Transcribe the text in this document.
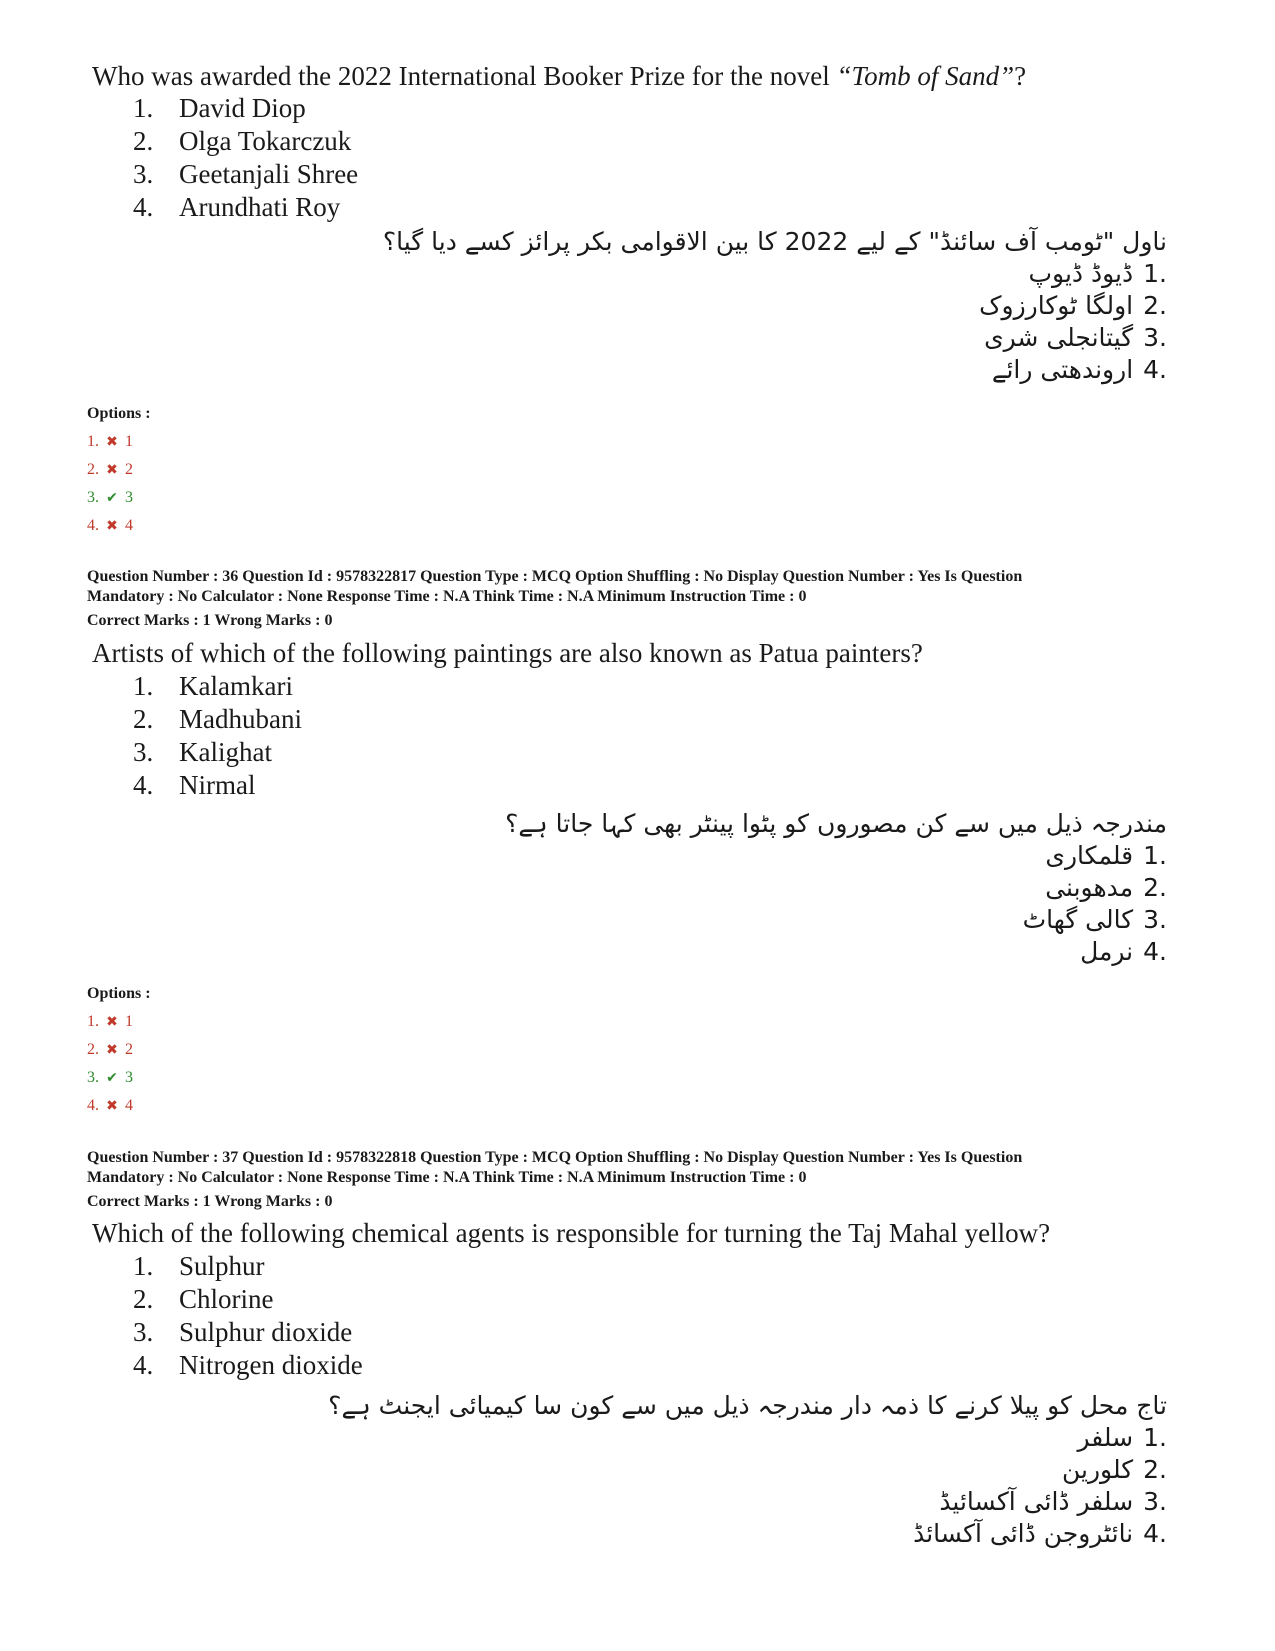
Who was awarded the 2022 International Booker Prize for the novel “Tomb of Sand”?
1. David Diop
2. Olga Tokarczuk
3. Geetanjali Shree
4. Arundhati Roy
ناول "ٹومب آف سائنڈ" کے لیے 2022 کا بین الاقوامی بکر پرائز کسے دیا گیا؟
1.ڈیوڈ ڈیوپ
2.اولگا ٹوکارزوک
3.گیتانجلی شری
4.اروندھتی رائے
Options :
1. ✖ 1
2. ✖ 2
3. ✔ 3
4. ✖ 4
Question Number : 36 Question Id : 9578322817 Question Type : MCQ Option Shuffling : No Display Question Number : Yes Is Question
Mandatory : No Calculator : None Response Time : N.A Think Time : N.A Minimum Instruction Time : 0
Correct Marks : 1 Wrong Marks : 0
Artists of which of the following paintings are also known as Patua painters?
1. Kalamkari
2. Madhubani
3. Kalighat
4. Nirmal
مندرجہ ذیل میں سے کن مصوروں کو پٹوا پینٹر بھی کہا جاتا ہے؟
1.قلمکاری
2.مدھوبنی
3.کالی گھاٹ
4.نرمل
Options :
1. ✖ 1
2. ✖ 2
3. ✔ 3
4. ✖ 4
Question Number : 37 Question Id : 9578322818 Question Type : MCQ Option Shuffling : No Display Question Number : Yes Is Question
Mandatory : No Calculator : None Response Time : N.A Think Time : N.A Minimum Instruction Time : 0
Correct Marks : 1 Wrong Marks : 0
Which of the following chemical agents is responsible for turning the Taj Mahal yellow?
1. Sulphur
2. Chlorine
3. Sulphur dioxide
4. Nitrogen dioxide
تاج محل کو پیلا کرنے کا ذمہ دار مندرجہ ذیل میں سے کون سا کیمیائی ایجنٹ ہے؟
1.سلفر
2.کلورین
3.سلفر ڈائی آکسائیڈ
4.نائٹروجن ڈائی آکسائڈ
